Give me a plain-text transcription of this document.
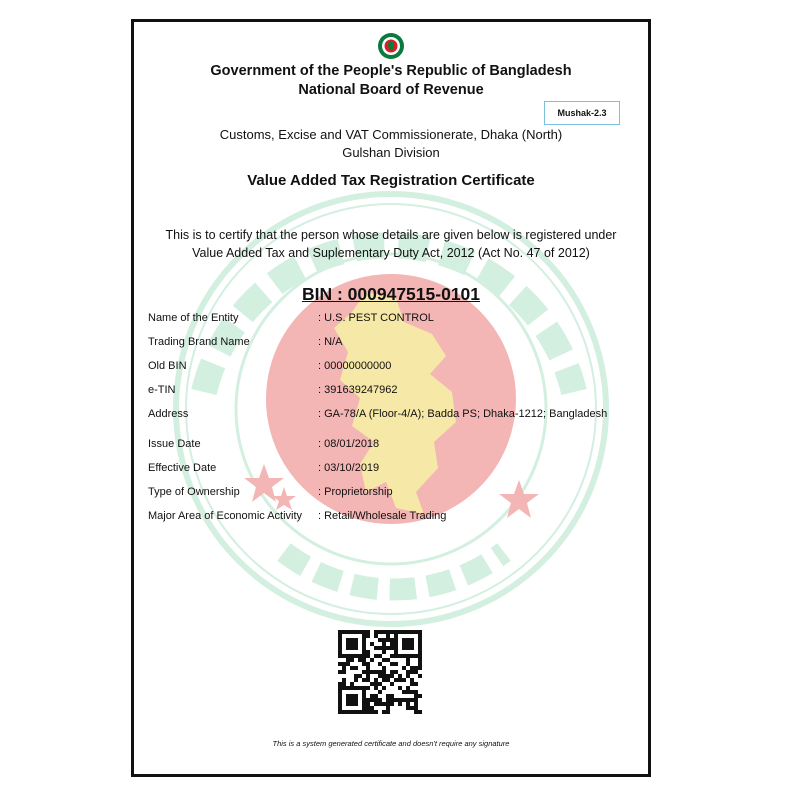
Government of the People's Republic of Bangladesh
National Board of Revenue
Mushak-2.3
Customs, Excise and VAT Commissionerate, Dhaka (North)
Gulshan Division
Value Added Tax Registration Certificate
This is to certify that the person whose details are given below is registered under
Value Added Tax and Suplementary Duty Act, 2012 (Act No. 47 of 2012)
BIN : 000947515-0101
Name of the Entity	: U.S. PEST CONTROL
Trading Brand Name	: N/A
Old BIN	: 00000000000
e-TIN	: 391639247962
Address	: GA-78/A (Floor-4/A); Badda PS; Dhaka-1212; Bangladesh
Issue Date	: 08/01/2018
Effective Date	: 03/10/2019
Type of Ownership	: Proprietorship
Major Area of Economic Activity	: Retail/Wholesale Trading
This is a system generated certificate and doesn't require any signature
